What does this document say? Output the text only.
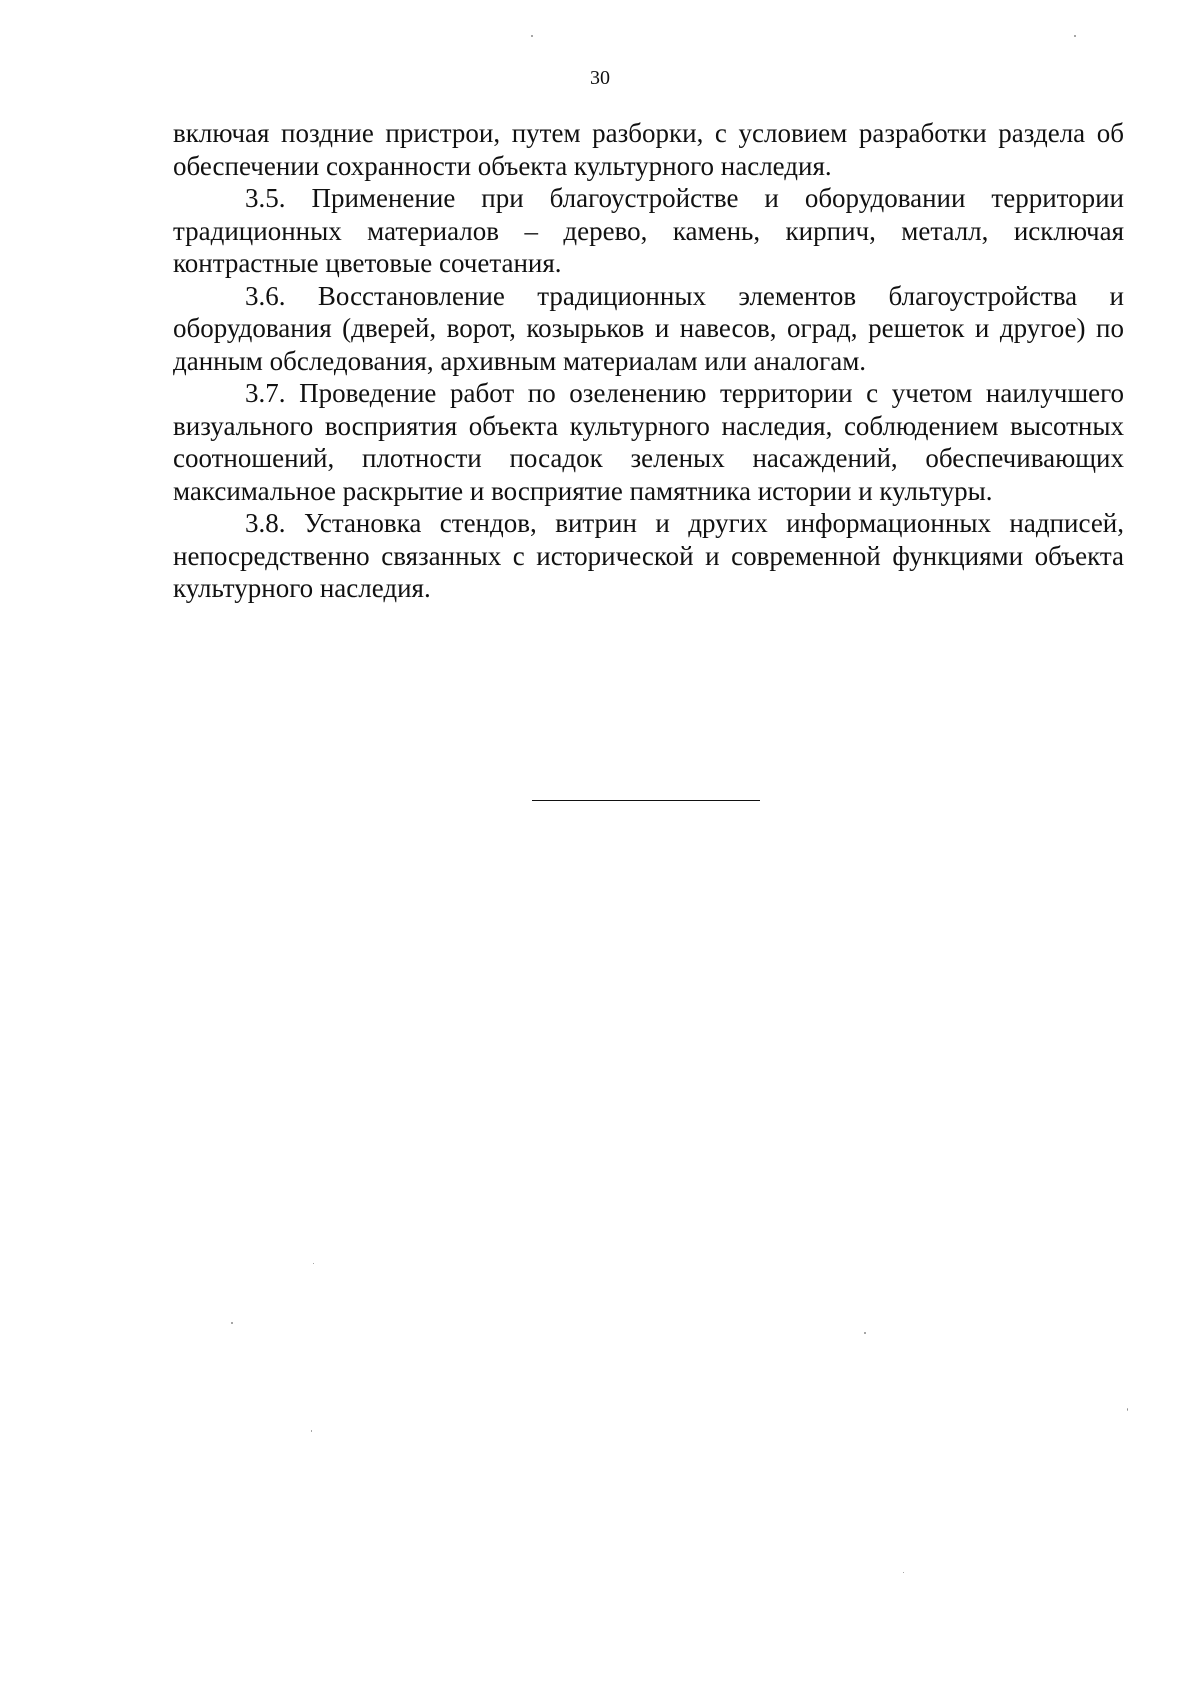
30

включая поздние пристрои, путем разборки, с условием разработки раздела об обеспечении сохранности объекта культурного наследия.

3.5. Применение при благоустройстве и оборудовании территории традиционных материалов – дерево, камень, кирпич, металл, исключая контрастные цветовые сочетания.

3.6. Восстановление традиционных элементов благоустройства и оборудования (дверей, ворот, козырьков и навесов, оград, решеток и другое) по данным обследования, архивным материалам или аналогам.

3.7. Проведение работ по озеленению территории с учетом наилучшего визуального восприятия объекта культурного наследия, соблюдением высотных соотношений, плотности посадок зеленых насаждений, обеспечивающих максимальное раскрытие и восприятие памятника истории и культуры.

3.8. Установка стендов, витрин и других информационных надписей, непосредственно связанных с исторической и современной функциями объекта культурного наследия.
